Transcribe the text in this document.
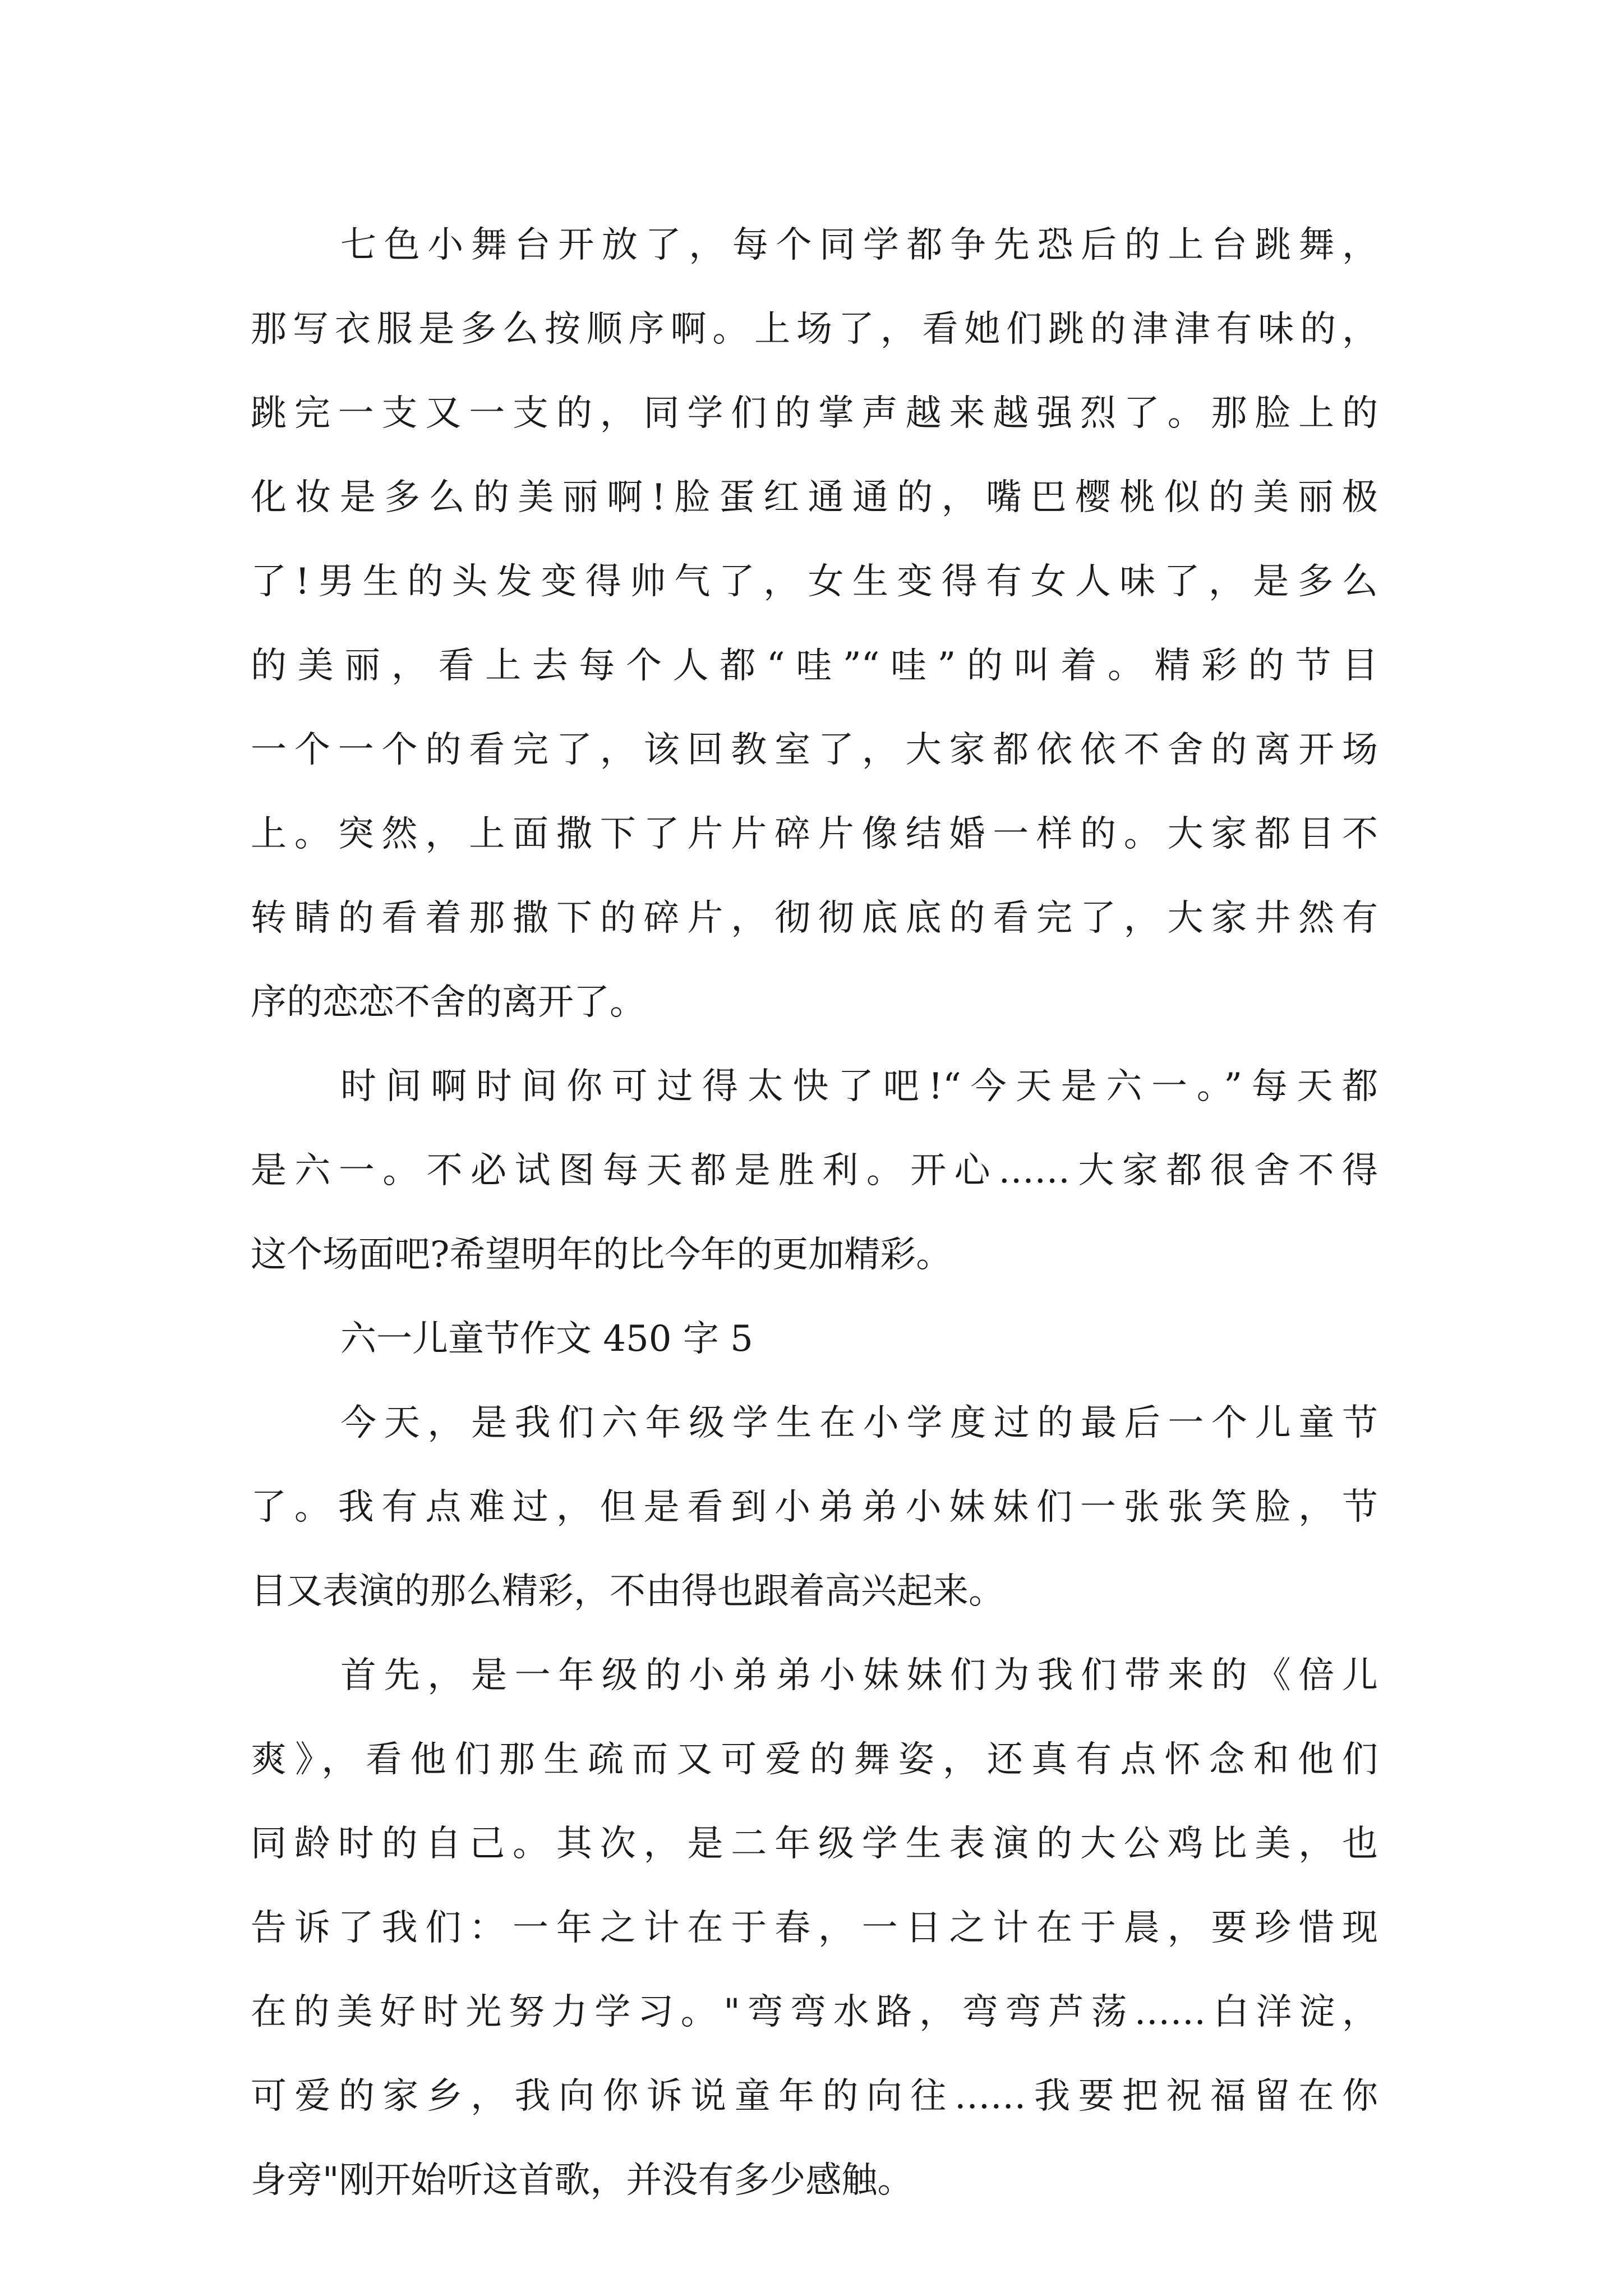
七色小舞台开放了，每个同学都争先恐后的上台跳舞，
那写衣服是多么按顺序啊。上场了，看她们跳的津津有味的，
跳完一支又一支的，同学们的掌声越来越强烈了。那脸上的
化妆是多么的美丽啊!脸蛋红通通的，嘴巴樱桃似的美丽极
了!男生的头发变得帅气了，女生变得有女人味了，是多么
的美丽，看上去每个人都“哇”“哇”的叫着。精彩的节目
一个一个的看完了，该回教室了，大家都依依不舍的离开场
上。突然，上面撒下了片片碎片像结婚一样的。大家都目不
转睛的看着那撒下的碎片，彻彻底底的看完了，大家井然有
序的恋恋不舍的离开了。
时间啊时间你可过得太快了吧!“今天是六一。”每天都
是六一。不必试图每天都是胜利。开心……大家都很舍不得
这个场面吧?希望明年的比今年的更加精彩。
六一儿童节作文 450 字 5
今天，是我们六年级学生在小学度过的最后一个儿童节
了。我有点难过，但是看到小弟弟小妹妹们一张张笑脸，节
目又表演的那么精彩，不由得也跟着高兴起来。
首先，是一年级的小弟弟小妹妹们为我们带来的《倍儿
爽》，看他们那生疏而又可爱的舞姿，还真有点怀念和他们
同龄时的自己。其次，是二年级学生表演的大公鸡比美，也
告诉了我们：一年之计在于春，一日之计在于晨，要珍惜现
在的美好时光努力学习。"弯弯水路，弯弯芦荡……白洋淀，
可爱的家乡，我向你诉说童年的向往……我要把祝福留在你
身旁"刚开始听这首歌，并没有多少感触。
